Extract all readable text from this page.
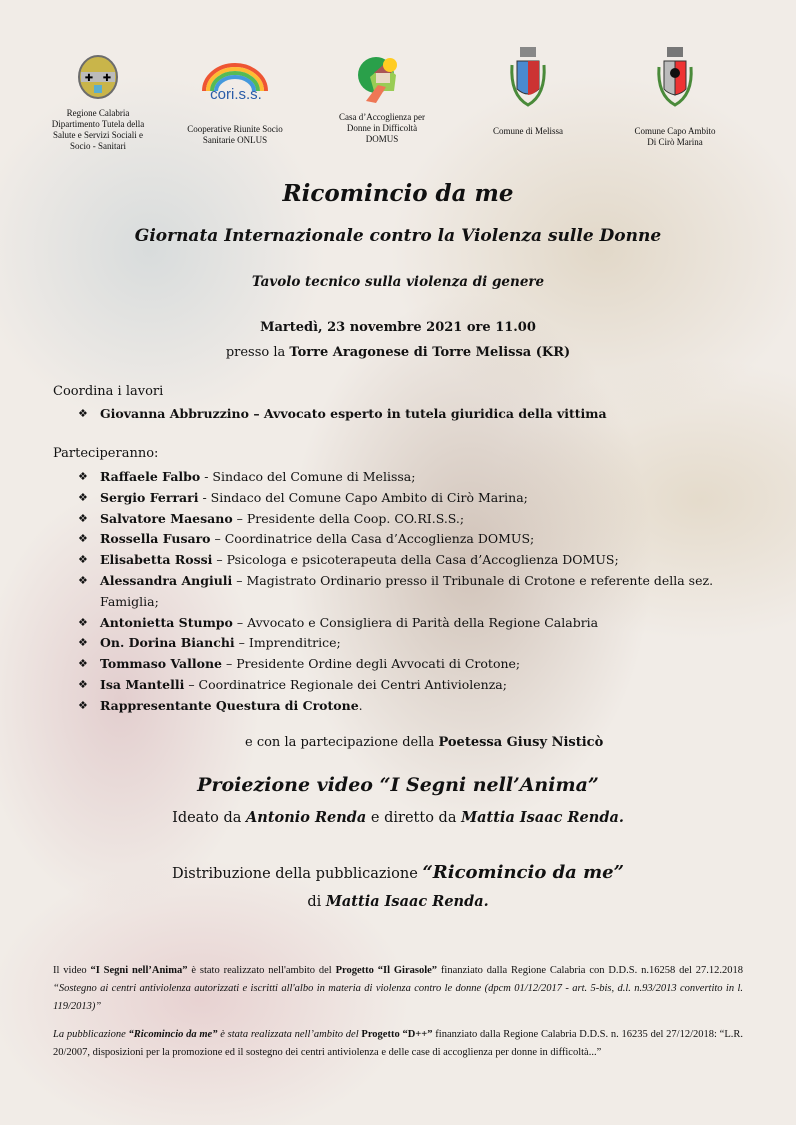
✚ ✚
Regione Calabria
Dipartimento Tutela della
Salute e Servizi Sociali e
Socio - Sanitari
cori.s.s.
Cooperative Riunite Socio
Sanitarie ONLUS
Casa d’Accoglienza per
Donne in Difficoltà
DOMUS
Comune di Melissa	Comune Capo Ambito
Di Cirò Marina
Ricomincio da me
Giornata Internazionale contro la Violenza sulle Donne
Tavolo tecnico sulla violenza di genere
Martedì, 23 novembre 2021 ore 11.00
presso la Torre Aragonese di Torre Melissa (KR)
Coordina i lavori
❖ Giovanna Abbruzzino – Avvocato esperto in tutela giuridica della vittima
Parteciperanno:
❖ Raffaele Falbo - Sindaco del Comune di Melissa;
❖ Sergio Ferrari - Sindaco del Comune Capo Ambito di Cirò Marina;
❖ Salvatore Maesano – Presidente della Coop. CO.RI.S.S.;
❖ Rossella Fusaro – Coordinatrice della Casa d’Accoglienza DOMUS;
❖ Elisabetta Rossi – Psicologa e psicoterapeuta della Casa d’Accoglienza DOMUS;
❖ Alessandra Angiuli – Magistrato Ordinario presso il Tribunale di Crotone e referente della sez. Famiglia;
❖ Antonietta Stumpo – Avvocato e Consigliera di Parità della Regione Calabria
❖ On. Dorina Bianchi – Imprenditrice;
❖ Tommaso Vallone – Presidente Ordine degli Avvocati di Crotone;
❖ Isa Mantelli – Coordinatrice Regionale dei Centri Antiviolenza;
❖ Rappresentante Questura di Crotone.
e con la partecipazione della Poetessa Giusy Nisticò
Proiezione video “I Segni nell’Anima”
Ideato da Antonio Renda e diretto da Mattia Isaac Renda.
Distribuzione della pubblicazione “Ricomincio da me”
di Mattia Isaac Renda.
Il video “I Segni nell’Anima” è stato realizzato nell'ambito del Progetto “Il Girasole” finanziato dalla Regione Calabria con D.D.S. n.16258 del 27.12.2018 “Sostegno ai centri antiviolenza autorizzati e iscritti all'albo in materia di violenza contro le donne (dpcm 01/12/2017 - art. 5-bis, d.l. n.93/2013 convertito in l. 119/2013)”
La pubblicazione “Ricomincio da me” è stata realizzata nell’ambito del Progetto “D++” finanziato dalla Regione Calabria D.D.S. n. 16235 del 27/12/2018: “L.R. 20/2007, disposizioni per la promozione ed il sostegno dei centri antiviolenza e delle case di accoglienza per donne in difficoltà...”
